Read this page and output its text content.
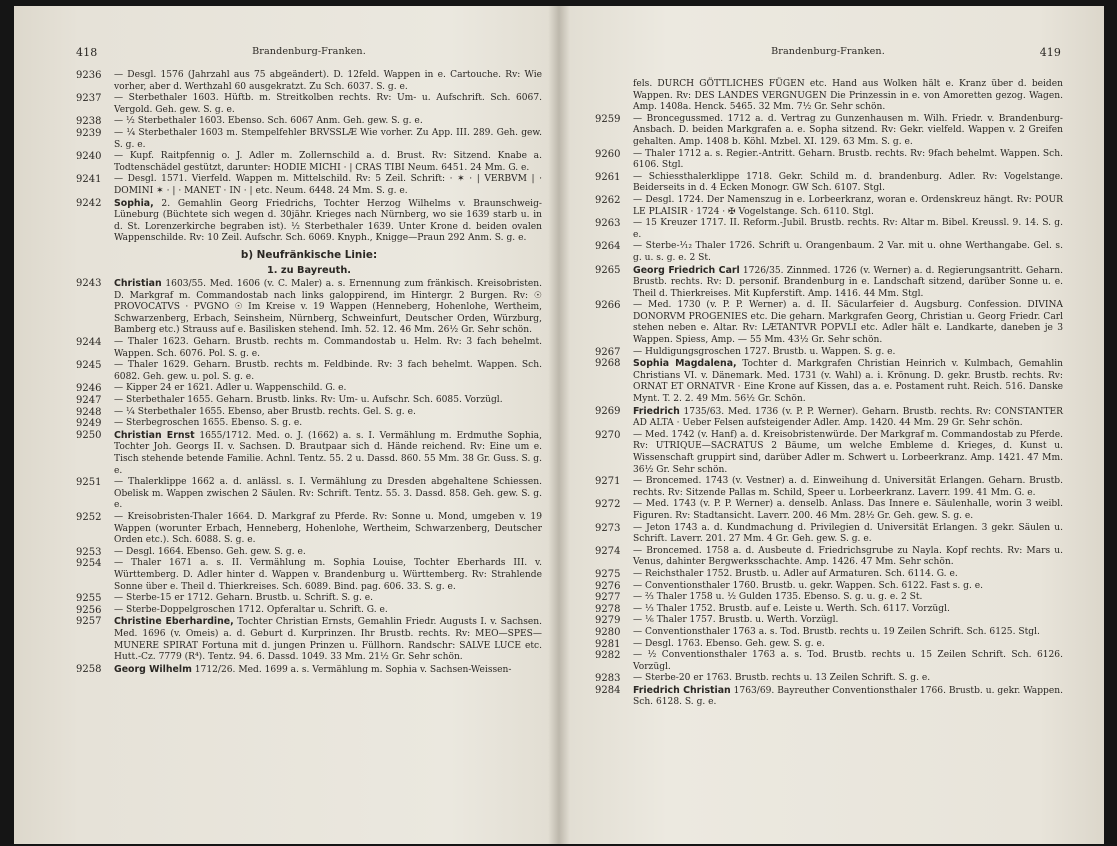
418	Brandenburg-Franken.
9236	— Desgl. 1576 (Jahrzahl aus 75 abgeändert). D. 12feld. Wappen in e. Cartouche. Rv: Wie vorher, aber d. Werthzahl 60 ausgekratzt. Zu Sch. 6037. S. g. e.
9237	— Sterbethaler 1603. Hüftb. m. Streitkolben rechts. Rv: Um- u. Aufschrift. Sch. 6067. Vergold. Geh. gew. S. g. e.
9238	— ½ Sterbethaler 1603. Ebenso. Sch. 6067 Anm. Geh. gew. S. g. e.
9239	— ¼ Sterbethaler 1603 m. Stempelfehler BRVSSLÆ Wie vorher. Zu App. III. 289. Geh. gew. S. g. e.
9240	— Kupf. Raitpfennig o. J. Adler m. Zollernschild a. d. Brust. Rv: Sitzend. Knabe a. Todtenschädel gestützt, darunter: HODIE MICHI · | CRAS TIBI Neum. 6451. 24 Mm. G. e.
9241	— Desgl. 1571. Vierfeld. Wappen m. Mittelschild. Rv: 5 Zeil. Schrift: · ✶ · | VERBVM | · DOMINI ✶ · | · MANET · IN · | etc. Neum. 6448. 24 Mm. S. g. e.
9242	Sophia, 2. Gemahlin Georg Friedrichs, Tochter Herzog Wilhelms v. Braunschweig-Lüneburg (Büchtete sich wegen d. 30jähr. Krieges nach Nürnberg, wo sie 1639 starb u. in d. St. Lorenzerkirche begraben ist). ½ Sterbethaler 1639. Unter Krone d. beiden ovalen Wappenschilde. Rv: 10 Zeil. Aufschr. Sch. 6069. Knyph., Knigge—Praun 292 Anm. S. g. e.
b) Neufränkische Linie:
1. zu Bayreuth.
9243	Christian 1603/55. Med. 1606 (v. C. Maler) a. s. Ernennung zum fränkisch. Kreisobristen. D. Markgraf m. Commandostab nach links galoppirend, im Hintergr. 2 Burgen. Rv: ☉ PROVOCATVS · PVGNO ☉ Im Kreise v. 19 Wappen (Henneberg, Hohenlohe, Wertheim, Schwarzenberg, Erbach, Seinsheim, Nürnberg, Schweinfurt, Deutscher Orden, Würzburg, Bamberg etc.) Strauss auf e. Basilisken stehend. Imh. 52. 12. 46 Mm. 26½ Gr. Sehr schön.
9244	— Thaler 1623. Geharn. Brustb. rechts m. Commandostab u. Helm. Rv: 3 fach behelmt. Wappen. Sch. 6076. Pol. S. g. e.
9245	— Thaler 1629. Geharn. Brustb. rechts m. Feldbinde. Rv: 3 fach behelmt. Wappen. Sch. 6082. Geh. gew. u. pol. S. g. e.
9246	— Kipper 24 er 1621. Adler u. Wappenschild. G. e.
9247	— Sterbethaler 1655. Geharn. Brustb. links. Rv: Um- u. Aufschr. Sch. 6085. Vorzügl.
9248	— ¼ Sterbethaler 1655. Ebenso, aber Brustb. rechts. Gel. S. g. e.
9249	— Sterbegroschen 1655. Ebenso. S. g. e.
9250	Christian Ernst 1655/1712. Med. o. J. (1662) a. s. I. Vermählung m. Erdmuthe Sophia, Tochter Joh. Georgs II. v. Sachsen. D. Brautpaar sich d. Hände reichend. Rv: Eine um e. Tisch stehende betende Familie. Achnl. Tentz. 55. 2 u. Dassd. 860. 55 Mm. 38 Gr. Guss. S. g. e.
9251	— Thalerklippe 1662 a. d. anlässl. s. I. Vermählung zu Dresden abgehaltene Schiessen. Obelisk m. Wappen zwischen 2 Säulen. Rv: Schrift. Tentz. 55. 3. Dassd. 858. Geh. gew. S. g. e.
9252	— Kreisobristen-Thaler 1664. D. Markgraf zu Pferde. Rv: Sonne u. Mond, umgeben v. 19 Wappen (worunter Erbach, Henneberg, Hohenlohe, Wertheim, Schwarzenberg, Deutscher Orden etc.). Sch. 6088. S. g. e.
9253	— Desgl. 1664. Ebenso. Geh. gew. S. g. e.
9254	— Thaler 1671 a. s. II. Vermählung m. Sophia Louise, Tochter Eberhards III. v. Württemberg. D. Adler hinter d. Wappen v. Brandenburg u. Württemberg. Rv: Strahlende Sonne über e. Theil d. Thierkreises. Sch. 6089. Bind. pag. 606. 33. S. g. e.
9255	— Sterbe-15 er 1712. Geharn. Brustb. u. Schrift. S. g. e.
9256	— Sterbe-Doppelgroschen 1712. Opferaltar u. Schrift. G. e.
9257	Christine Eberhardine, Tochter Christian Ernsts, Gemahlin Friedr. Augusts I. v. Sachsen. Med. 1696 (v. Omeis) a. d. Geburt d. Kurprinzen. Ihr Brustb. rechts. Rv: MEO—SPES—MUNERE SPIRAT Fortuna mit d. jungen Prinzen u. Füllhorn. Randschr: SALVE LUCE etc. Hutt.-Cz. 7779 (R⁴). Tentz. 94. 6. Dassd. 1049. 33 Mm. 21½ Gr. Sehr schön.
9258	Georg Wilhelm 1712/26. Med. 1699 a. s. Vermählung m. Sophia v. Sachsen-Weissen-
Brandenburg-Franken.	419
fels. DURCH GÖTTLICHES FÜGEN etc. Hand aus Wolken hält e. Kranz über d. beiden Wappen. Rv: DES LANDES VERGNUGEN Die Prinzessin in e. von Amoretten gezog. Wagen. Amp. 1408a. Henck. 5465. 32 Mm. 7½ Gr. Sehr schön.
9259	— Broncegussmed. 1712 a. d. Vertrag zu Gunzenhausen m. Wilh. Friedr. v. Brandenburg-Ansbach. D. beiden Markgrafen a. e. Sopha sitzend. Rv: Gekr. vielfeld. Wappen v. 2 Greifen gehalten. Amp. 1408 b. Köhl. Mzbel. XI. 129. 63 Mm. S. g. e.
9260	— Thaler 1712 a. s. Regier.-Antritt. Geharn. Brustb. rechts. Rv: 9fach behelmt. Wappen. Sch. 6106. Stgl.
9261	— Schiessthalerklippe 1718. Gekr. Schild m. d. brandenburg. Adler. Rv: Vogelstange. Beiderseits in d. 4 Ecken Monogr. GW Sch. 6107. Stgl.
9262	— Desgl. 1724. Der Namenszug in e. Lorbeerkranz, woran e. Ordenskreuz hängt. Rv: POUR LE PLAISIR · 1724 · ✠ Vogelstange. Sch. 6110. Stgl.
9263	— 15 Kreuzer 1717. II. Reform.-Jubil. Brustb. rechts. Rv: Altar m. Bibel. Kreussl. 9. 14. S. g. e.
9264	— Sterbe-¹⁄₁₂ Thaler 1726. Schrift u. Orangenbaum. 2 Var. mit u. ohne Werthangabe. Gel. s. g. u. s. g. e. 2 St.
9265	Georg Friedrich Carl 1726/35. Zinnmed. 1726 (v. Werner) a. d. Regierungsantritt. Geharn. Brustb. rechts. Rv: D. personif. Brandenburg in e. Landschaft sitzend, darüber Sonne u. e. Theil d. Thierkreises. Mit Kupferstift. Amp. 1416. 44 Mm. Stgl.
9266	— Med. 1730 (v. P. P. Werner) a. d. II. Säcularfeier d. Augsburg. Confession. DIVINA DONORVM PROGENIES etc. Die geharn. Markgrafen Georg, Christian u. Georg Friedr. Carl stehen neben e. Altar. Rv: LÆTANTVR POPVLI etc. Adler hält e. Landkarte, daneben je 3 Wappen. Spiess, Amp. — 55 Mm. 43½ Gr. Sehr schön.
9267	— Huldigungsgroschen 1727. Brustb. u. Wappen. S. g. e.
9268	Sophia Magdalena, Tochter d. Markgrafen Christian Heinrich v. Kulmbach, Gemahlin Christians VI. v. Dänemark. Med. 1731 (v. Wahl) a. i. Krönung. D. gekr. Brustb. rechts. Rv: ORNAT ET ORNATVR · Eine Krone auf Kissen, das a. e. Postament ruht. Reich. 516. Danske Mynt. T. 2. 2. 49 Mm. 56½ Gr. Schön.
9269	Friedrich 1735/63. Med. 1736 (v. P. P. Werner). Geharn. Brustb. rechts. Rv: CONSTANTER AD ALTA · Ueber Felsen aufsteigender Adler. Amp. 1420. 44 Mm. 29 Gr. Sehr schön.
9270	— Med. 1742 (v. Hanf) a. d. Kreisobristenwürde. Der Markgraf m. Commandostab zu Pferde. Rv: UTRIQUE—SACRATUS 2 Bäume, um welche Embleme d. Krieges, d. Kunst u. Wissenschaft gruppirt sind, darüber Adler m. Schwert u. Lorbeerkranz. Amp. 1421. 47 Mm. 36½ Gr. Sehr schön.
9271	— Broncemed. 1743 (v. Vestner) a. d. Einweihung d. Universität Erlangen. Geharn. Brustb. rechts. Rv: Sitzende Pallas m. Schild, Speer u. Lorbeerkranz. Laverr. 199. 41 Mm. G. e.
9272	— Med. 1743 (v. P. P. Werner) a. denselb. Anlass. Das Innere e. Säulenhalle, worin 3 weibl. Figuren. Rv: Stadtansicht. Laverr. 200. 46 Mm. 28½ Gr. Geh. gew. S. g. e.
9273	— Jeton 1743 a. d. Kundmachung d. Privilegien d. Universität Erlangen. 3 gekr. Säulen u. Schrift. Laverr. 201. 27 Mm. 4 Gr. Geh. gew. S. g. e.
9274	— Broncemed. 1758 a. d. Ausbeute d. Friedrichsgrube zu Nayla. Kopf rechts. Rv: Mars u. Venus, dahinter Bergwerksschachte. Amp. 1426. 47 Mm. Sehr schön.
9275	— Reichsthaler 1752. Brustb. u. Adler auf Armaturen. Sch. 6114. G. e.
9276	— Conventionsthaler 1760. Brustb. u. gekr. Wappen. Sch. 6122. Fast s. g. e.
9277	— ⅔ Thaler 1758 u. ½ Gulden 1735. Ebenso. S. g. u. g. e. 2 St.
9278	— ⅓ Thaler 1752. Brustb. auf e. Leiste u. Werth. Sch. 6117. Vorzügl.
9279	— ⅙ Thaler 1757. Brustb. u. Werth. Vorzügl.
9280	— Conventionsthaler 1763 a. s. Tod. Brustb. rechts u. 19 Zeilen Schrift. Sch. 6125. Stgl.
9281	— Desgl. 1763. Ebenso. Geh. gew. S. g. e.
9282	— ½ Conventionsthaler 1763 a. s. Tod. Brustb. rechts u. 15 Zeilen Schrift. Sch. 6126. Vorzügl.
9283	— Sterbe-20 er 1763. Brustb. rechts u. 13 Zeilen Schrift. S. g. e.
9284	Friedrich Christian 1763/69. Bayreuther Conventionsthaler 1766. Brustb. u. gekr. Wappen. Sch. 6128. S. g. e.
